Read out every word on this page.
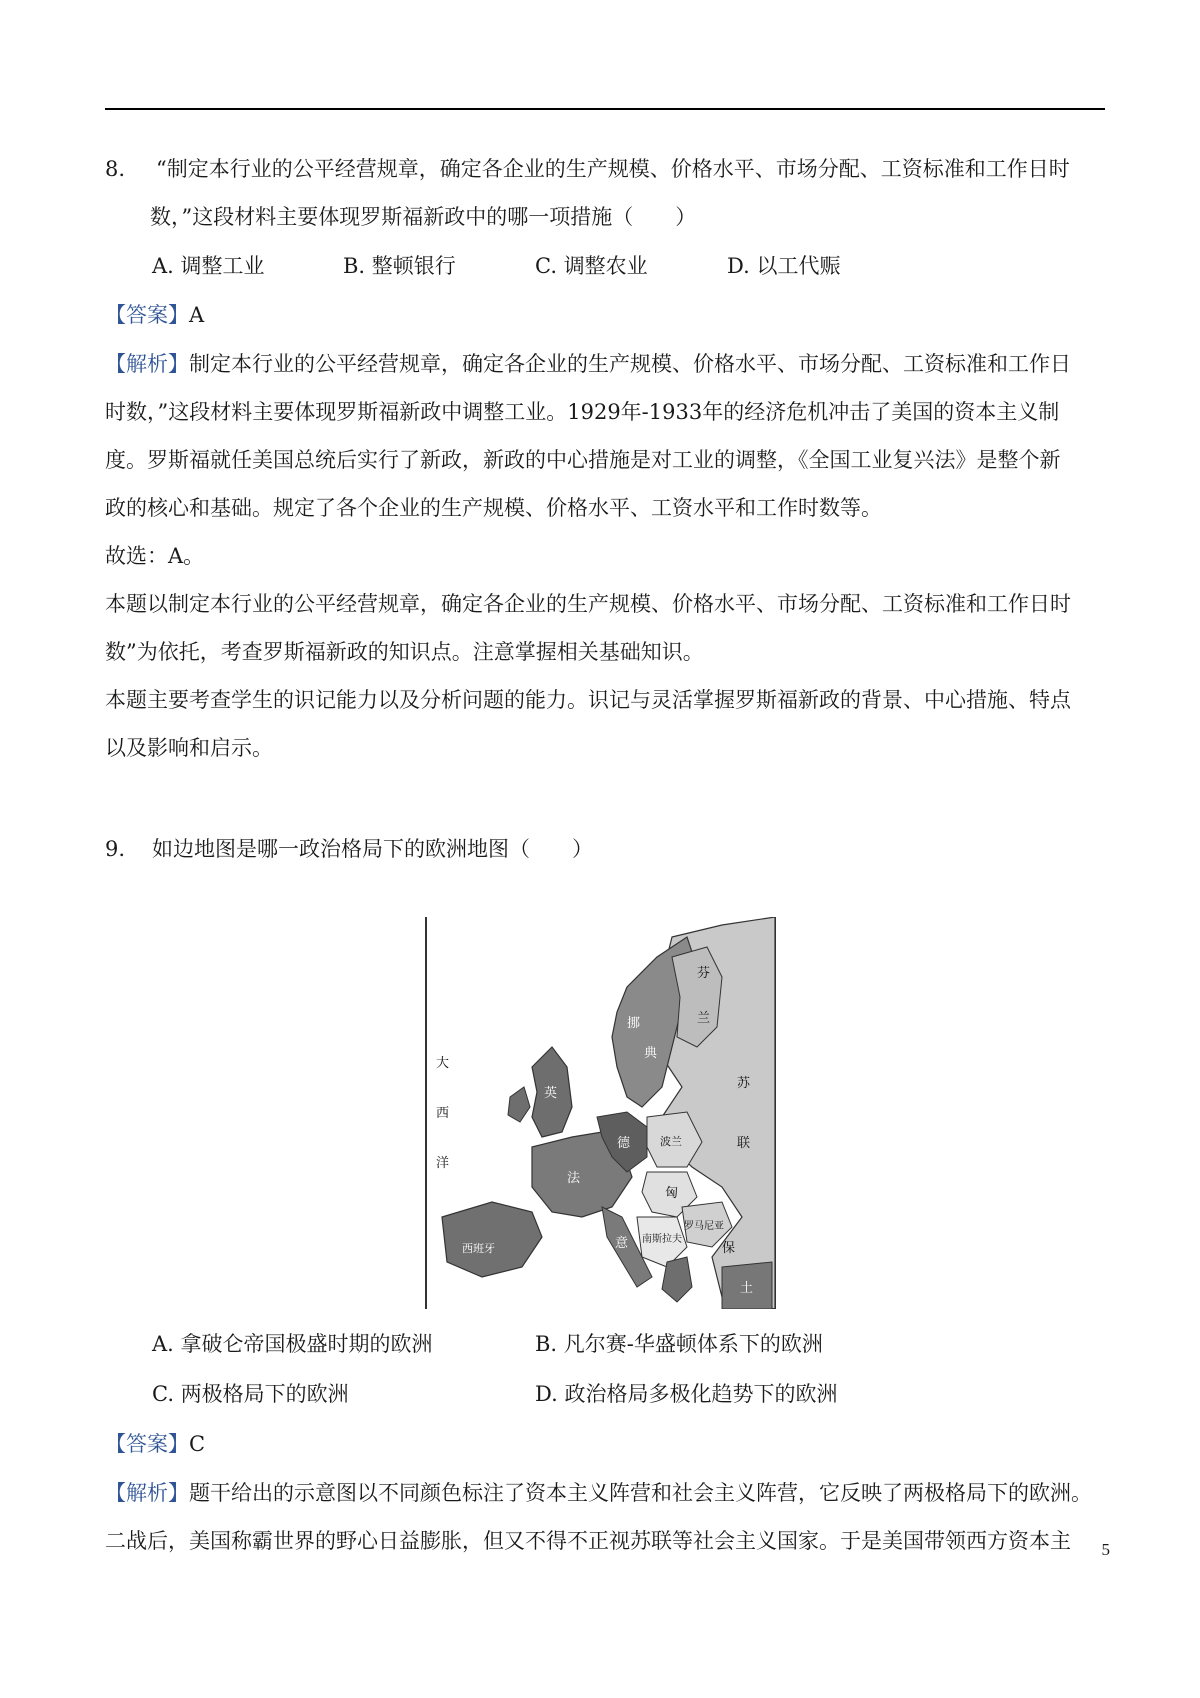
8. “制定本行业的公平经营规章，确定各企业的生产规模、价格水平、市场分配、工资标准和工作日时
数，”这段材料主要体现罗斯福新政中的哪一项措施（　　）
A. 调整工业	B. 整顿银行	C. 调整农业	D. 以工代赈
【答案】A
【解析】制定本行业的公平经营规章，确定各企业的生产规模、价格水平、市场分配、工资标准和工作日
时数，”这段材料主要体现罗斯福新政中调整工业。1929年-1933年的经济危机冲击了美国的资本主义制
度。罗斯福就任美国总统后实行了新政，新政的中心措施是对工业的调整，《全国工业复兴法》是整个新
政的核心和基础。规定了各个企业的生产规模、价格水平、工资水平和工作时数等。
故选：A。
本题以制定本行业的公平经营规章，确定各企业的生产规模、价格水平、市场分配、工资标准和工作日时
数”为依托，考查罗斯福新政的知识点。注意掌握相关基础知识。
本题主要考查学生的识记能力以及分析问题的能力。识记与灵活掌握罗斯福新政的背景、中心措施、特点
以及影响和启示。
9. 如边地图是哪一政治格局下的欧洲地图（　　）
大
西
洋
西班牙
芬
兰
典
挪
苏
联
波兰
罗马尼亚
南斯拉夫
保
匈
意
土
德
法
英
A. 拿破仑帝国极盛时期的欧洲	B. 凡尔赛-华盛顿体系下的欧洲
C. 两极格局下的欧洲	D. 政治格局多极化趋势下的欧洲
【答案】C
【解析】题干给出的示意图以不同颜色标注了资本主义阵营和社会主义阵营，它反映了两极格局下的欧洲。
二战后，美国称霸世界的野心日益膨胀，但又不得不正视苏联等社会主义国家。于是美国带领西方资本主 5
